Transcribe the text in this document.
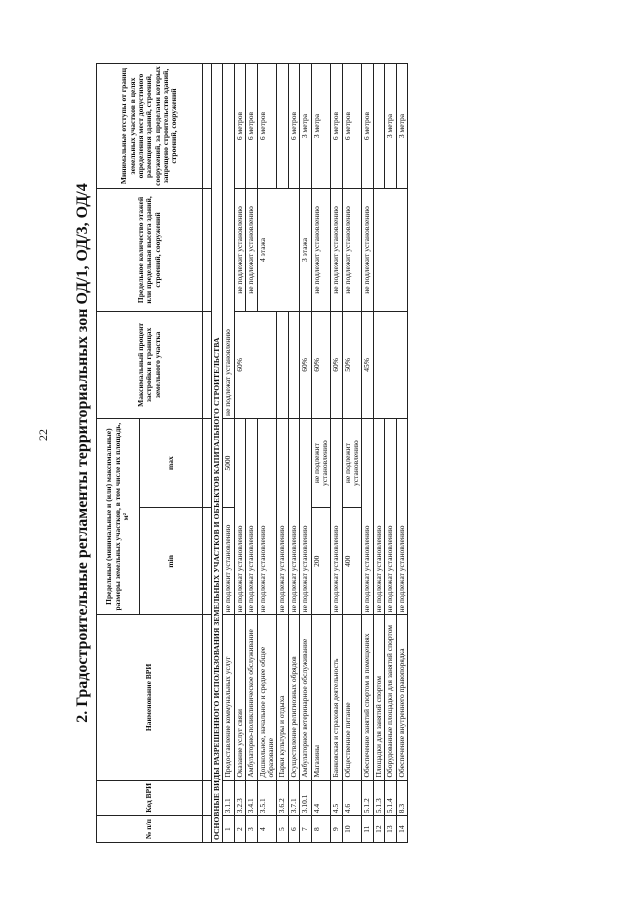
22 2. Градостроительные регламенты территориальных зон ОД/1, ОД/3, ОД/4
№ п/п	Код ВРИ	Наименование ВРИ	Предельные (минимальные и (или) максимальные) размеры земельных участков, в том числе их площадь, м²		Максимальный процент застройки в границах земельного участка	Предельное количество этажей или предельная высота зданий, строений, сооружений	Минимальные отступы от границ земельных участков в целях определения мест допустимого размещения зданий, строений, сооружений, за пределами которых запрещено строительство зданий, строений, сооружений
			min	max			

ОСНОВНЫЕ ВИДЫ РАЗРЕШЕННОГО ИСПОЛЬЗОВАНИЯ ЗЕМЕЛЬНЫХ УЧАСТКОВ И ОБЪЕКТОВ КАПИТАЛЬНОГО СТРОИТЕЛЬСТВА							
1	3.1.1	Предоставление коммунальных услуг	не подлежит установлению	5000	не подлежат установлению		
2	3.2.3	Оказание услуг связи	не подлежат установлению		60%	не подлежит установлению	6 метров
3	3.4.1	Амбулаторно-поликлиническое обслуживание	не подлежат установлению			не подлежит установлению	6 метров
4	3.5.1	Дошкольное, начальное и среднее общее образование	не подлежат установлению			4 этажа	6 метров
5	3.6.2	Парки культуры и отдыха	не подлежат установлению				
6	3.7.1	Осуществление религиозных обрядов	не подлежат установлению				6 метров
7	3.10.1	Амбулаторное ветеринарное обслуживание	не подлежат установлению		60%	3 этажа	3 метра
8	4.4	Магазины	200	не подлежит установлению	60%	не подлежит установлению	3 метра
9	4.5	Банковская и страховая деятельность	не подлежат установлению		60%	не подлежит установлению	6 метров
10	4.6	Общественное питание	400	не подлежит установлению	50%	не подлежит установлению	6 метров
11	5.1.2	Обеспечение занятий спортом в помещениях	не подлежат установлению		45%	не подлежит установлению	6 метров
12	5.1.3	Площадки для занятий спортом	не подлежат установлению				
13	5.1.4	Оборудованные площадки для занятий спортом	не подлежат установлению				3 метра
14	8.3	Обеспечение внутреннего правопорядка	не подлежат установлению				3 метра
